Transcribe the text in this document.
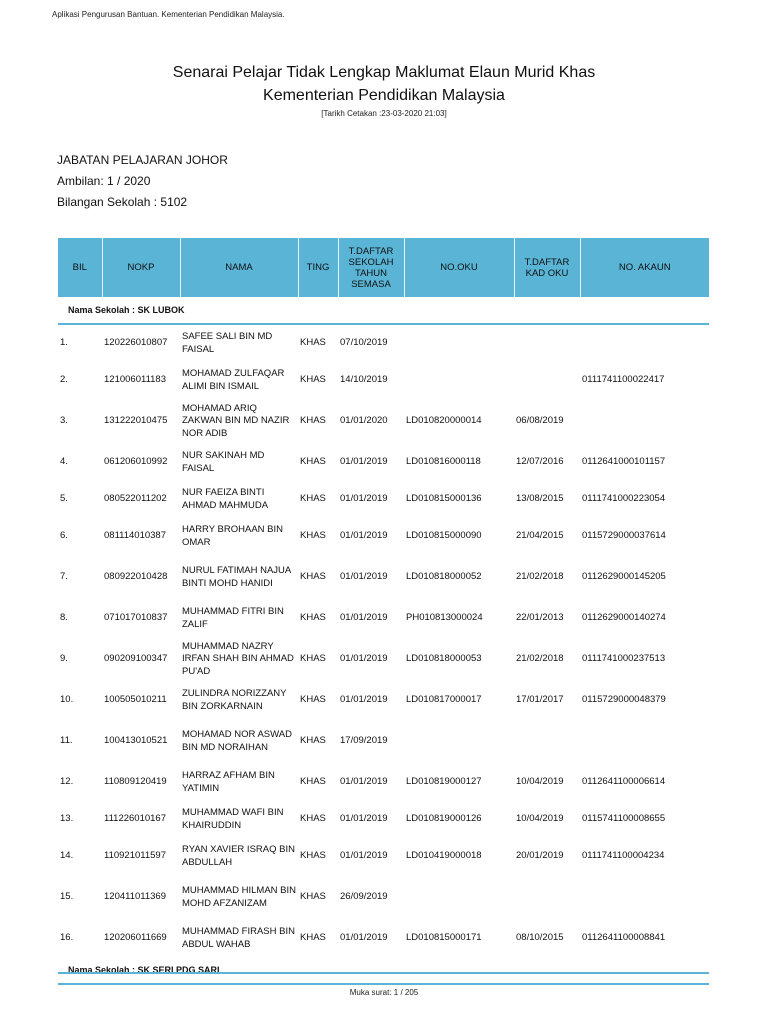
Aplikasi Pengurusan Bantuan. Kementerian Pendidikan Malaysia.
Senarai Pelajar Tidak Lengkap Maklumat Elaun Murid Khas
Kementerian Pendidikan Malaysia
[Tarikh Cetakan :23-03-2020 21:03]
JABATAN PELAJARAN JOHOR
Ambilan: 1 / 2020
Bilangan Sekolah : 5102
BIL	NOKP	NAMA	TING	T.DAFTAR SEKOLAH TAHUN SEMASA	NO.OKU	T.DAFTAR KAD OKU	NO. AKAUN
Nama Sekolah : SK LUBOK							
1.	120226010807	SAFEE SALI BIN MD FAISAL	KHAS	07/10/2019			
2.	121006011183	MOHAMAD ZULFAQAR ALIMI BIN ISMAIL	KHAS	14/10/2019			0111741100022417
3.	131222010475	MOHAMAD ARIQ ZAKWAN BIN MD NAZIR NOR ADIB	KHAS	01/01/2020	LD010820000014	06/08/2019	
4.	061206010992	NUR SAKINAH MD FAISAL	KHAS	01/01/2019	LD010816000118	12/07/2016	0112641000101157
5.	080522011202	NUR FAEIZA BINTI AHMAD MAHMUDA	KHAS	01/01/2019	LD010815000136	13/08/2015	0111741000223054
6.	081114010387	HARRY BROHAAN BIN OMAR	KHAS	01/01/2019	LD010815000090	21/04/2015	0115729000037614
7.	080922010428	NURUL FATIMAH NAJUA BINTI MOHD HANIDI	KHAS	01/01/2019	LD010818000052	21/02/2018	0112629000145205
8.	071017010837	MUHAMMAD FITRI BIN ZALIF	KHAS	01/01/2019	PH010813000024	22/01/2013	0112629000140274
9.	090209100347	MUHAMMAD NAZRY IRFAN SHAH BIN AHMAD PU'AD	KHAS	01/01/2019	LD010818000053	21/02/2018	0111741000237513
10.	100505010211	ZULINDRA NORIZZANY BIN ZORKARNAIN	KHAS	01/01/2019	LD010817000017	17/01/2017	0115729000048379
11.	100413010521	MOHAMAD NOR ASWAD BIN MD NORAIHAN	KHAS	17/09/2019			
12.	110809120419	HARRAZ AFHAM BIN YATIMIN	KHAS	01/01/2019	LD010819000127	10/04/2019	0112641100006614
13.	111226010167	MUHAMMAD WAFI BIN KHAIRUDDIN	KHAS	01/01/2019	LD010819000126	10/04/2019	0115741100008655
14.	110921011597	RYAN XAVIER ISRAQ BIN ABDULLAH	KHAS	01/01/2019	LD010419000018	20/01/2019	0111741100004234
15.	120411011369	MUHAMMAD HILMAN BIN MOHD AFZANIZAM	KHAS	26/09/2019			
16.	120206011669	MUHAMMAD FIRASH BIN ABDUL WAHAB	KHAS	01/01/2019	LD010815000171	08/10/2015	0112641100008841
Nama Sekolah : SK SERI PDG SARI							
Muka surat: 1 / 205
